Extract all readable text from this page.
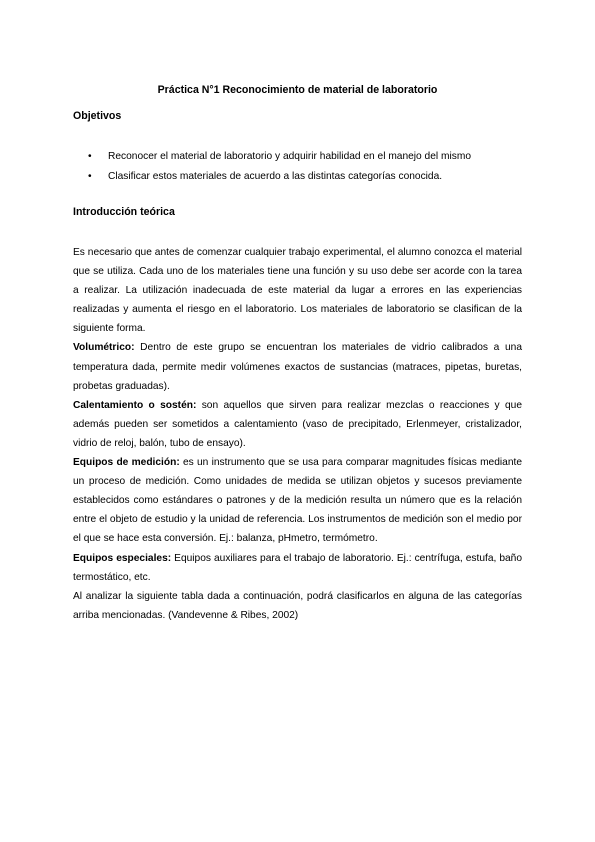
Práctica N°1 Reconocimiento de material de laboratorio
Objetivos
• Reconocer el material de laboratorio y adquirir habilidad en el manejo del mismo
• Clasificar estos materiales de acuerdo a las distintas categorías conocida.
Introducción teórica

Es necesario que antes de comenzar cualquier trabajo experimental, el alumno conozca el material que se utiliza. Cada uno de los materiales tiene una función y su uso debe ser acorde con la tarea a realizar. La utilización inadecuada de este material da lugar a errores en las experiencias realizadas y aumenta el riesgo en el laboratorio. Los materiales de laboratorio se clasifican de la siguiente forma.

Volumétrico: Dentro de este grupo se encuentran los materiales de vidrio calibrados a una temperatura dada, permite medir volúmenes exactos de sustancias (matraces, pipetas, buretas, probetas graduadas).

Calentamiento o sostén: son aquellos que sirven para realizar mezclas o reacciones y que además pueden ser sometidos a calentamiento (vaso de precipitado, Erlenmeyer, cristalizador, vidrio de reloj, balón, tubo de ensayo).

Equipos de medición: es un instrumento que se usa para comparar magnitudes físicas mediante un proceso de medición. Como unidades de medida se utilizan objetos y sucesos previamente establecidos como estándares o patrones y de la medición resulta un número que es la relación entre el objeto de estudio y la unidad de referencia. Los instrumentos de medición son el medio por el que se hace esta conversión. Ej.: balanza, pHmetro, termómetro.

Equipos especiales: Equipos auxiliares para el trabajo de laboratorio. Ej.: centrífuga, estufa, baño termostático, etc.

Al analizar la siguiente tabla dada a continuación, podrá clasificarlos en alguna de las categorías arriba mencionadas. (Vandevenne & Ribes, 2002)
